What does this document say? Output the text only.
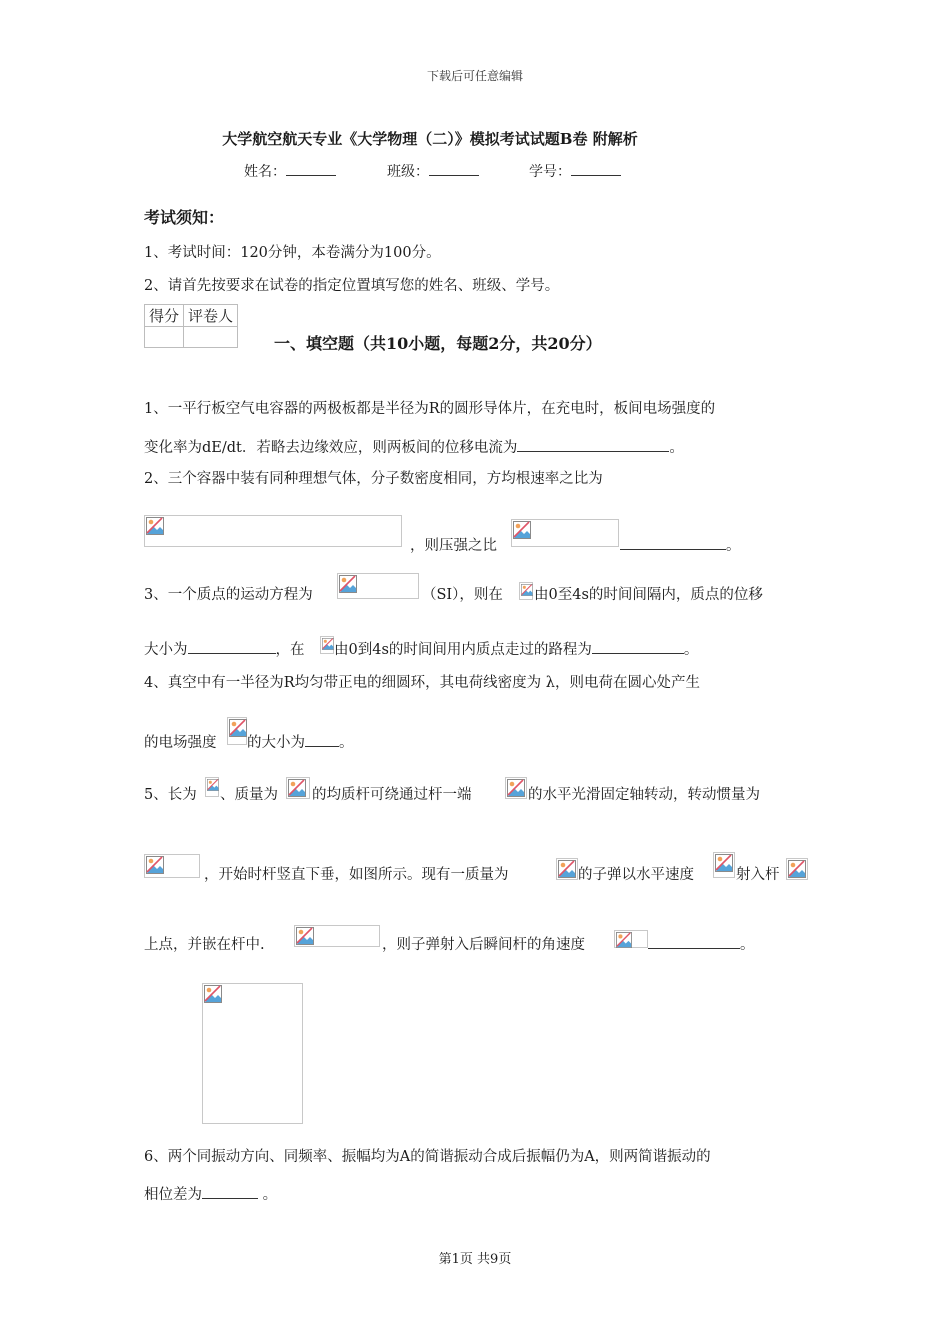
下载后可任意编辑
大学航空航天专业《大学物理（二）》模拟考试试题B卷 附解析
姓名：	班级：	学号：
考试须知：
1、考试时间：120分钟，本卷满分为100分。
2、请首先按要求在试卷的指定位置填写您的姓名、班级、学号。
得分	评卷人

一、填空题（共10小题，每题2分，共20分）
1、一平行板空气电容器的两极板都是半径为R的圆形导体片，在充电时，板间电场强度的
变化率为dE/dt．若略去边缘效应，则两板间的位移电流为	。
2、三个容器中装有同种理想气体，分子数密度相同，方均根速率之比为
，则压强之比	。
3、一个质点的运动方程为	（SI），则在 由0至4s的时间间隔内，质点的位移
大小为	，在 由0到4s的时间间用内质点走过的路程为	。
4、真空中有一半径为R均匀带正电的细圆环，其电荷线密度为 λ，则电荷在圆心处产生
的电场强度 的大小为 。
5、长为 、质量为 的均质杆可绕通过杆一端	的水平光滑固定轴转动，转动惯量为
，开始时杆竖直下垂，如图所示。现有一质量为	的子弹以水平速度	射入杆
上点，并嵌在杆中.	，则子弹射入后瞬间杆的角速度	。
6、两个同振动方向、同频率、振幅均为A的简谐振动合成后振幅仍为A，则两简谐振动的
相位差为	。
第1页 共9页
